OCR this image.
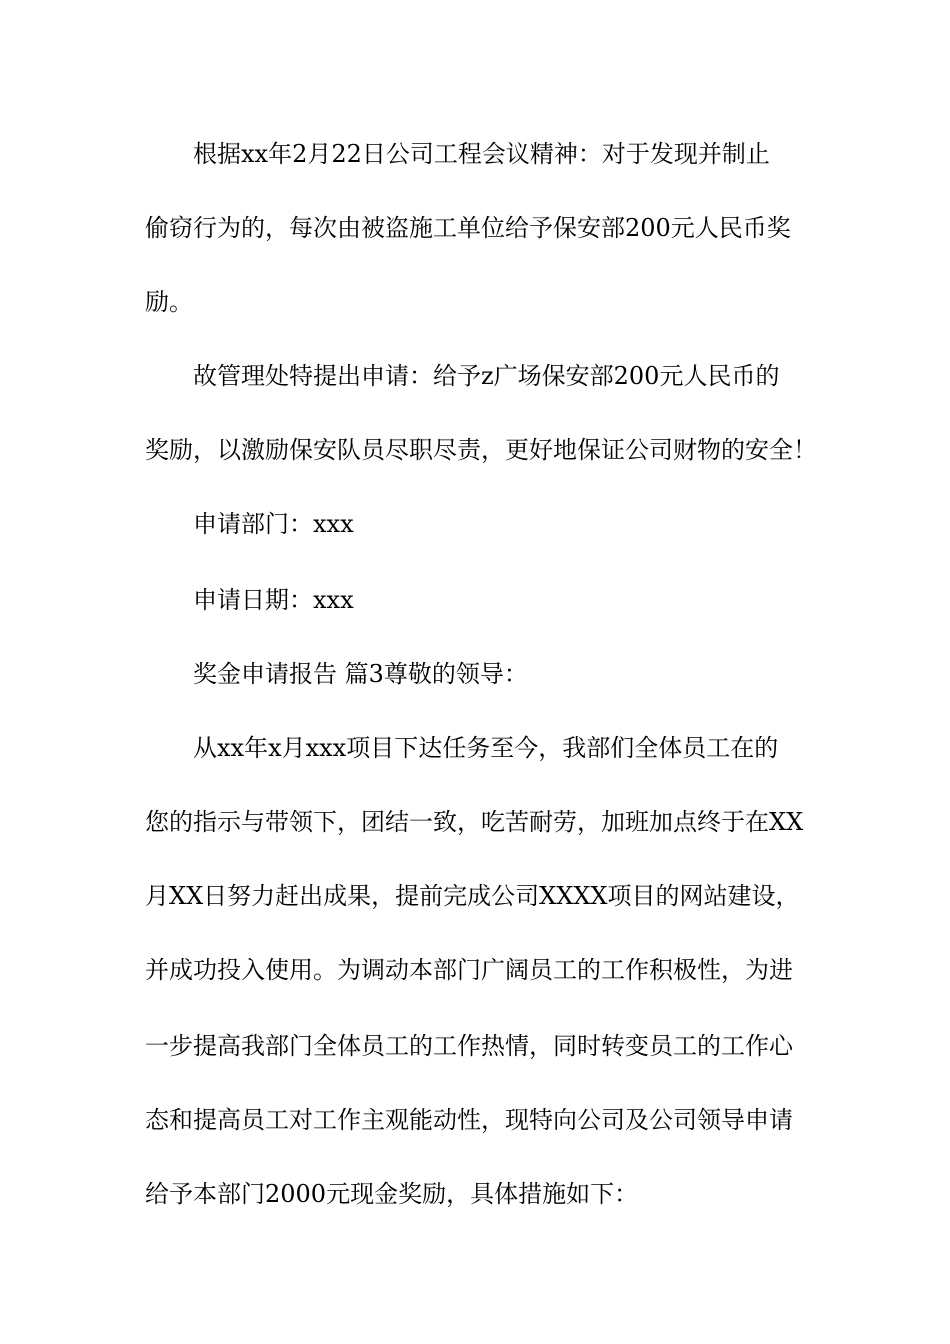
根据xx年2月22日公司工程会议精神：对于发现并制止
偷窃行为的，每次由被盗施工单位给予保安部200元人民币奖
励。
故管理处特提出申请：给予z广场保安部200元人民币的
奖励，以激励保安队员尽职尽责，更好地保证公司财物的安全！
申请部门：xxx
申请日期：xxx
奖金申请报告 篇3尊敬的领导：
从xx年x月xxx项目下达任务至今，我部们全体员工在的
您的指示与带领下，团结一致，吃苦耐劳，加班加点终于在XX
月XX日努力赶出成果，提前完成公司XXXX项目的网站建设，
并成功投入使用。为调动本部门广阔员工的工作积极性，为进
一步提高我部门全体员工的工作热情，同时转变员工的工作心
态和提高员工对工作主观能动性，现特向公司及公司领导申请
给予本部门2000元现金奖励，具体措施如下：
